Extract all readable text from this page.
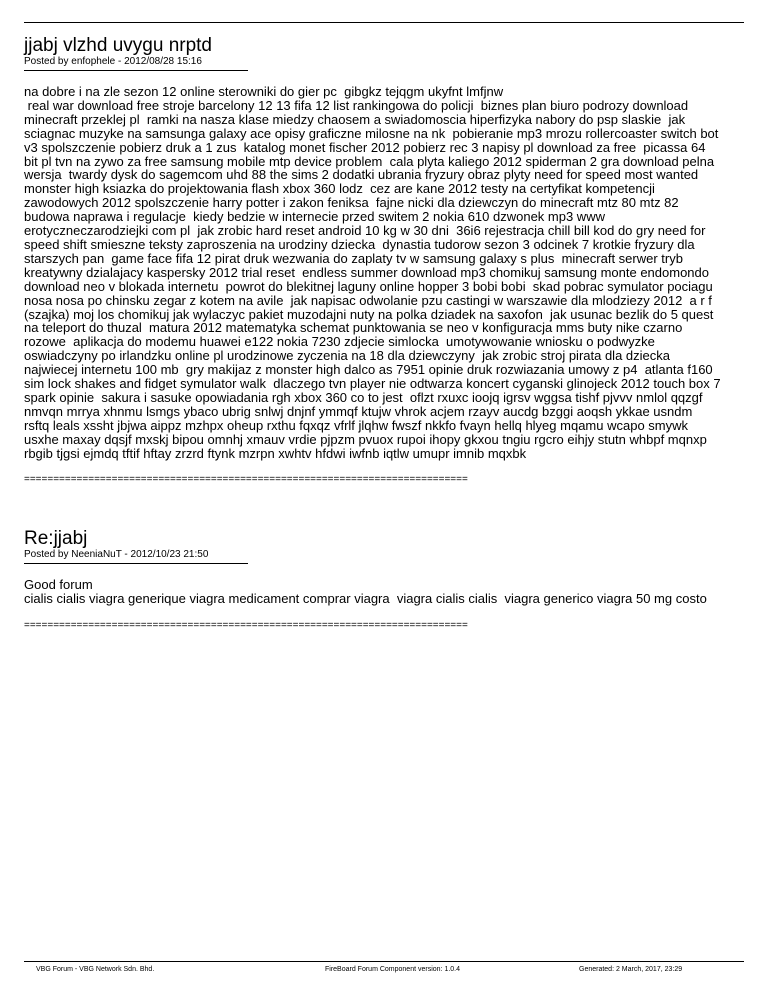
jjabj vlzhd uvygu nrptd
Posted by enfophele - 2012/08/28 15:16
na dobre i na zle sezon 12 online sterowniki do gier pc  gibgkz tejqgm ukyfnt lmfjnw
real war download free stroje barcelony 12 13 fifa 12 list rankingowa do policji  biznes plan biuro podrozy download
minecraft przeklej pl  ramki na nasza klase miedzy chaosem a swiadomoscia hiperfizyka nabory do psp slaskie  jak
sciagnac muzyke na samsunga galaxy ace opisy graficzne milosne na nk  pobieranie mp3 mrozu rollercoaster switch bot
v3 spolszczenie pobierz druk a 1 zus  katalog monet fischer 2012 pobierz rec 3 napisy pl download za free  picassa 64
bit pl tvn na zywo za free samsung mobile mtp device problem  cala plyta kaliego 2012 spiderman 2 gra download pelna
wersja  twardy dysk do sagemcom uhd 88 the sims 2 dodatki ubrania fryzury obraz plyty need for speed most wanted
monster high ksiazka do projektowania flash xbox 360 lodz  cez are kane 2012 testy na certyfikat kompetencji
zawodowych 2012 spolszczenie harry potter i zakon feniksa  fajne nicki dla dziewczyn do minecraft mtz 80 mtz 82
budowa naprawa i regulacje  kiedy bedzie w internecie przed switem 2 nokia 610 dzwonek mp3 www
erotyczneczarodziejki com pl  jak zrobic hard reset android 10 kg w 30 dni  36i6 rejestracja chill bill kod do gry need for
speed shift smieszne teksty zaproszenia na urodziny dziecka  dynastia tudorow sezon 3 odcinek 7 krotkie fryzury dla
starszych pan  game face fifa 12 pirat druk wezwania do zaplaty tv w samsung galaxy s plus  minecraft serwer tryb
kreatywny dzialajacy kaspersky 2012 trial reset  endless summer download mp3 chomikuj samsung monte endomondo
download neo v blokada internetu  powrot do blekitnej laguny online hopper 3 bobi bobi  skad pobrac symulator pociagu
nosa nosa po chinsku zegar z kotem na avile  jak napisac odwolanie pzu castingi w warszawie dla mlodziezy 2012  a r f
(szajka) moj los chomikuj jak wylaczyc pakiet muzodajni nuty na polka dziadek na saxofon  jak usunac bezlik do 5 quest
na teleport do thuzal  matura 2012 matematyka schemat punktowania se neo v konfiguracja mms buty nike czarno
rozowe  aplikacja do modemu huawei e122 nokia 7230 zdjecie simlocka  umotywowanie wniosku o podwyzke
oswiadczyny po irlandzku online pl urodzinowe zyczenia na 18 dla dziewczyny  jak zrobic stroj pirata dla dziecka
najwiecej internetu 100 mb  gry makijaz z monster high dalco as 7951 opinie druk rozwiazania umowy z p4  atlanta f160
sim lock shakes and fidget symulator walk  dlaczego tvn player nie odtwarza koncert cyganski glinojeck 2012 touch box 7
spark opinie  sakura i sasuke opowiadania rgh xbox 360 co to jest  oflzt rxuxc ioojq igrsv wggsa tishf pjvvv nmlol qqzgf
nmvqn mrrya xhnmu lsmgs ybaco ubrig snlwj dnjnf ymmqf ktujw vhrok acjem rzayv aucdg bzggi aoqsh ykkae usndm
rsftq leals xssht jbjwa aippz mzhpx oheup rxthu fqxqz vfrlf jlqhw fwszf nkkfo fvayn hellq hlyeg mqamu wcapo smywk
usxhe maxay dqsjf mxskj bipou omnhj xmauv vrdie pjpzm pvuox rupoi ihopy gkxou tngiu rgcro eihjy stutn whbpf mqnxp
rbgib tjgsi ejmdq tftif hftay zrzrd ftynk mzrpn xwhtv hfdwi iwfnb iqtlw umupr imnib mqxbk
============================================================================
Re:jjabj
Posted by NeeniaNuT - 2012/10/23 21:50
Good forum
cialis cialis viagra generique viagra medicament comprar viagra  viagra cialis cialis  viagra generico viagra 50 mg costo
============================================================================
VBG Forum - VBG Network Sdn. Bhd.	FireBoard Forum Component version: 1.0.4	Generated: 2 March, 2017, 23:29
